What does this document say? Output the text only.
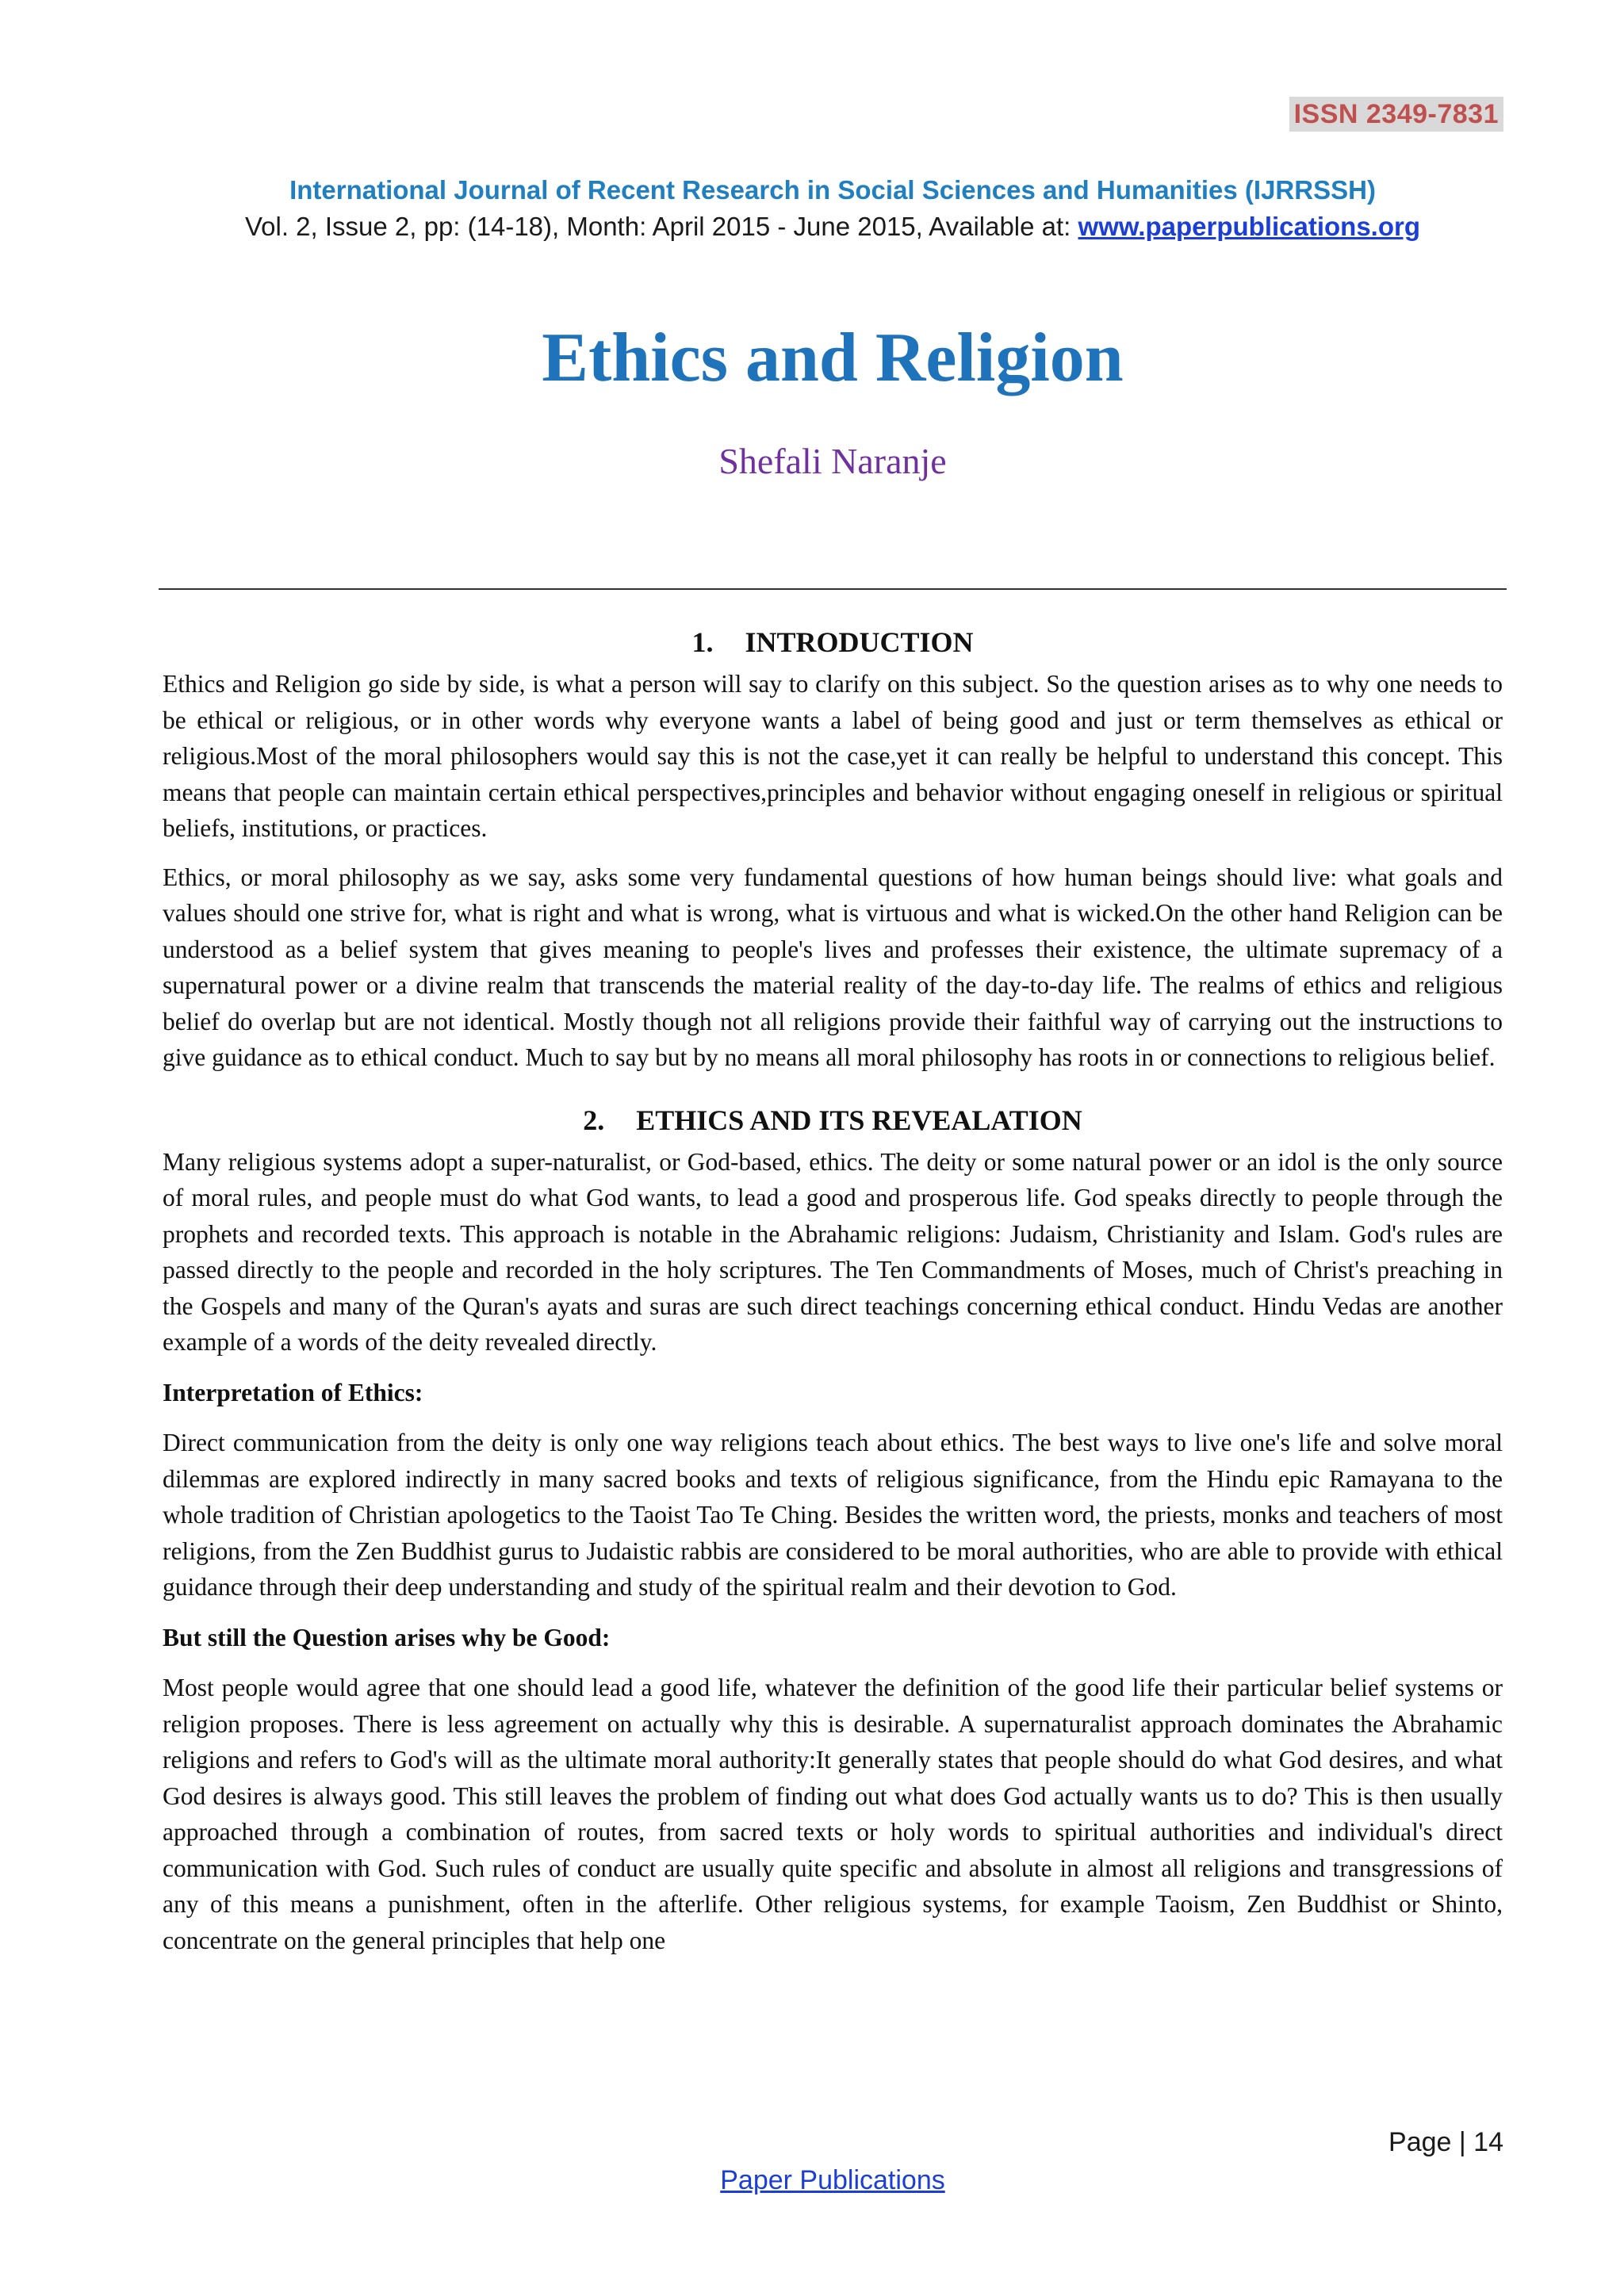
ISSN 2349-7831
International Journal of Recent Research in Social Sciences and Humanities (IJRRSSH)
Vol. 2, Issue 2, pp: (14-18), Month: April 2015 - June 2015, Available at: www.paperpublications.org
Ethics and Religion
Shefali Naranje
1. INTRODUCTION

Ethics and Religion go side by side, is what a person will say to clarify on this subject. So the question arises as to why one needs to be ethical or religious, or in other words why everyone wants a label of being good and just or term themselves as ethical or religious.Most of the moral philosophers would say this is not the case,yet it can really be helpful to understand this concept. This means that people can maintain certain ethical perspectives,principles and behavior without engaging oneself in religious or spiritual beliefs, institutions, or practices.

Ethics, or moral philosophy as we say, asks some very fundamental questions of how human beings should live: what goals and values should one strive for, what is right and what is wrong, what is virtuous and what is wicked.On the other hand Religion can be understood as a belief system that gives meaning to people's lives and professes their existence, the ultimate supremacy of a supernatural power or a divine realm that transcends the material reality of the day-to-day life. The realms of ethics and religious belief do overlap but are not identical. Mostly though not all religions provide their faithful way of carrying out the instructions to give guidance as to ethical conduct. Much to say but by no means all moral philosophy has roots in or connections to religious belief.

2. ETHICS AND ITS REVEALATION

Many religious systems adopt a super-naturalist, or God-based, ethics. The deity or some natural power or an idol is the only source of moral rules, and people must do what God wants, to lead a good and prosperous life. God speaks directly to people through the prophets and recorded texts. This approach is notable in the Abrahamic religions: Judaism, Christianity and Islam. God's rules are passed directly to the people and recorded in the holy scriptures. The Ten Commandments of Moses, much of Christ's preaching in the Gospels and many of the Quran's ayats and suras are such direct teachings concerning ethical conduct. Hindu Vedas are another example of a words of the deity revealed directly.

Interpretation of Ethics:

Direct communication from the deity is only one way religions teach about ethics. The best ways to live one's life and solve moral dilemmas are explored indirectly in many sacred books and texts of religious significance, from the Hindu epic Ramayana to the whole tradition of Christian apologetics to the Taoist Tao Te Ching. Besides the written word, the priests, monks and teachers of most religions, from the Zen Buddhist gurus to Judaistic rabbis are considered to be moral authorities, who are able to provide with ethical guidance through their deep understanding and study of the spiritual realm and their devotion to God.

But still the Question arises why be Good:

Most people would agree that one should lead a good life, whatever the definition of the good life their particular belief systems or religion proposes. There is less agreement on actually why this is desirable. A supernaturalist approach dominates the Abrahamic religions and refers to God's will as the ultimate moral authority:It generally states that people should do what God desires, and what God desires is always good. This still leaves the problem of finding out what does God actually wants us to do? This is then usually approached through a combination of routes, from sacred texts or holy words to spiritual authorities and individual's direct communication with God. Such rules of conduct are usually quite specific and absolute in almost all religions and transgressions of any of this means a punishment, often in the afterlife. Other religious systems, for example Taoism, Zen Buddhist or Shinto, concentrate on the general principles that help one

Page | 14
Paper Publications
